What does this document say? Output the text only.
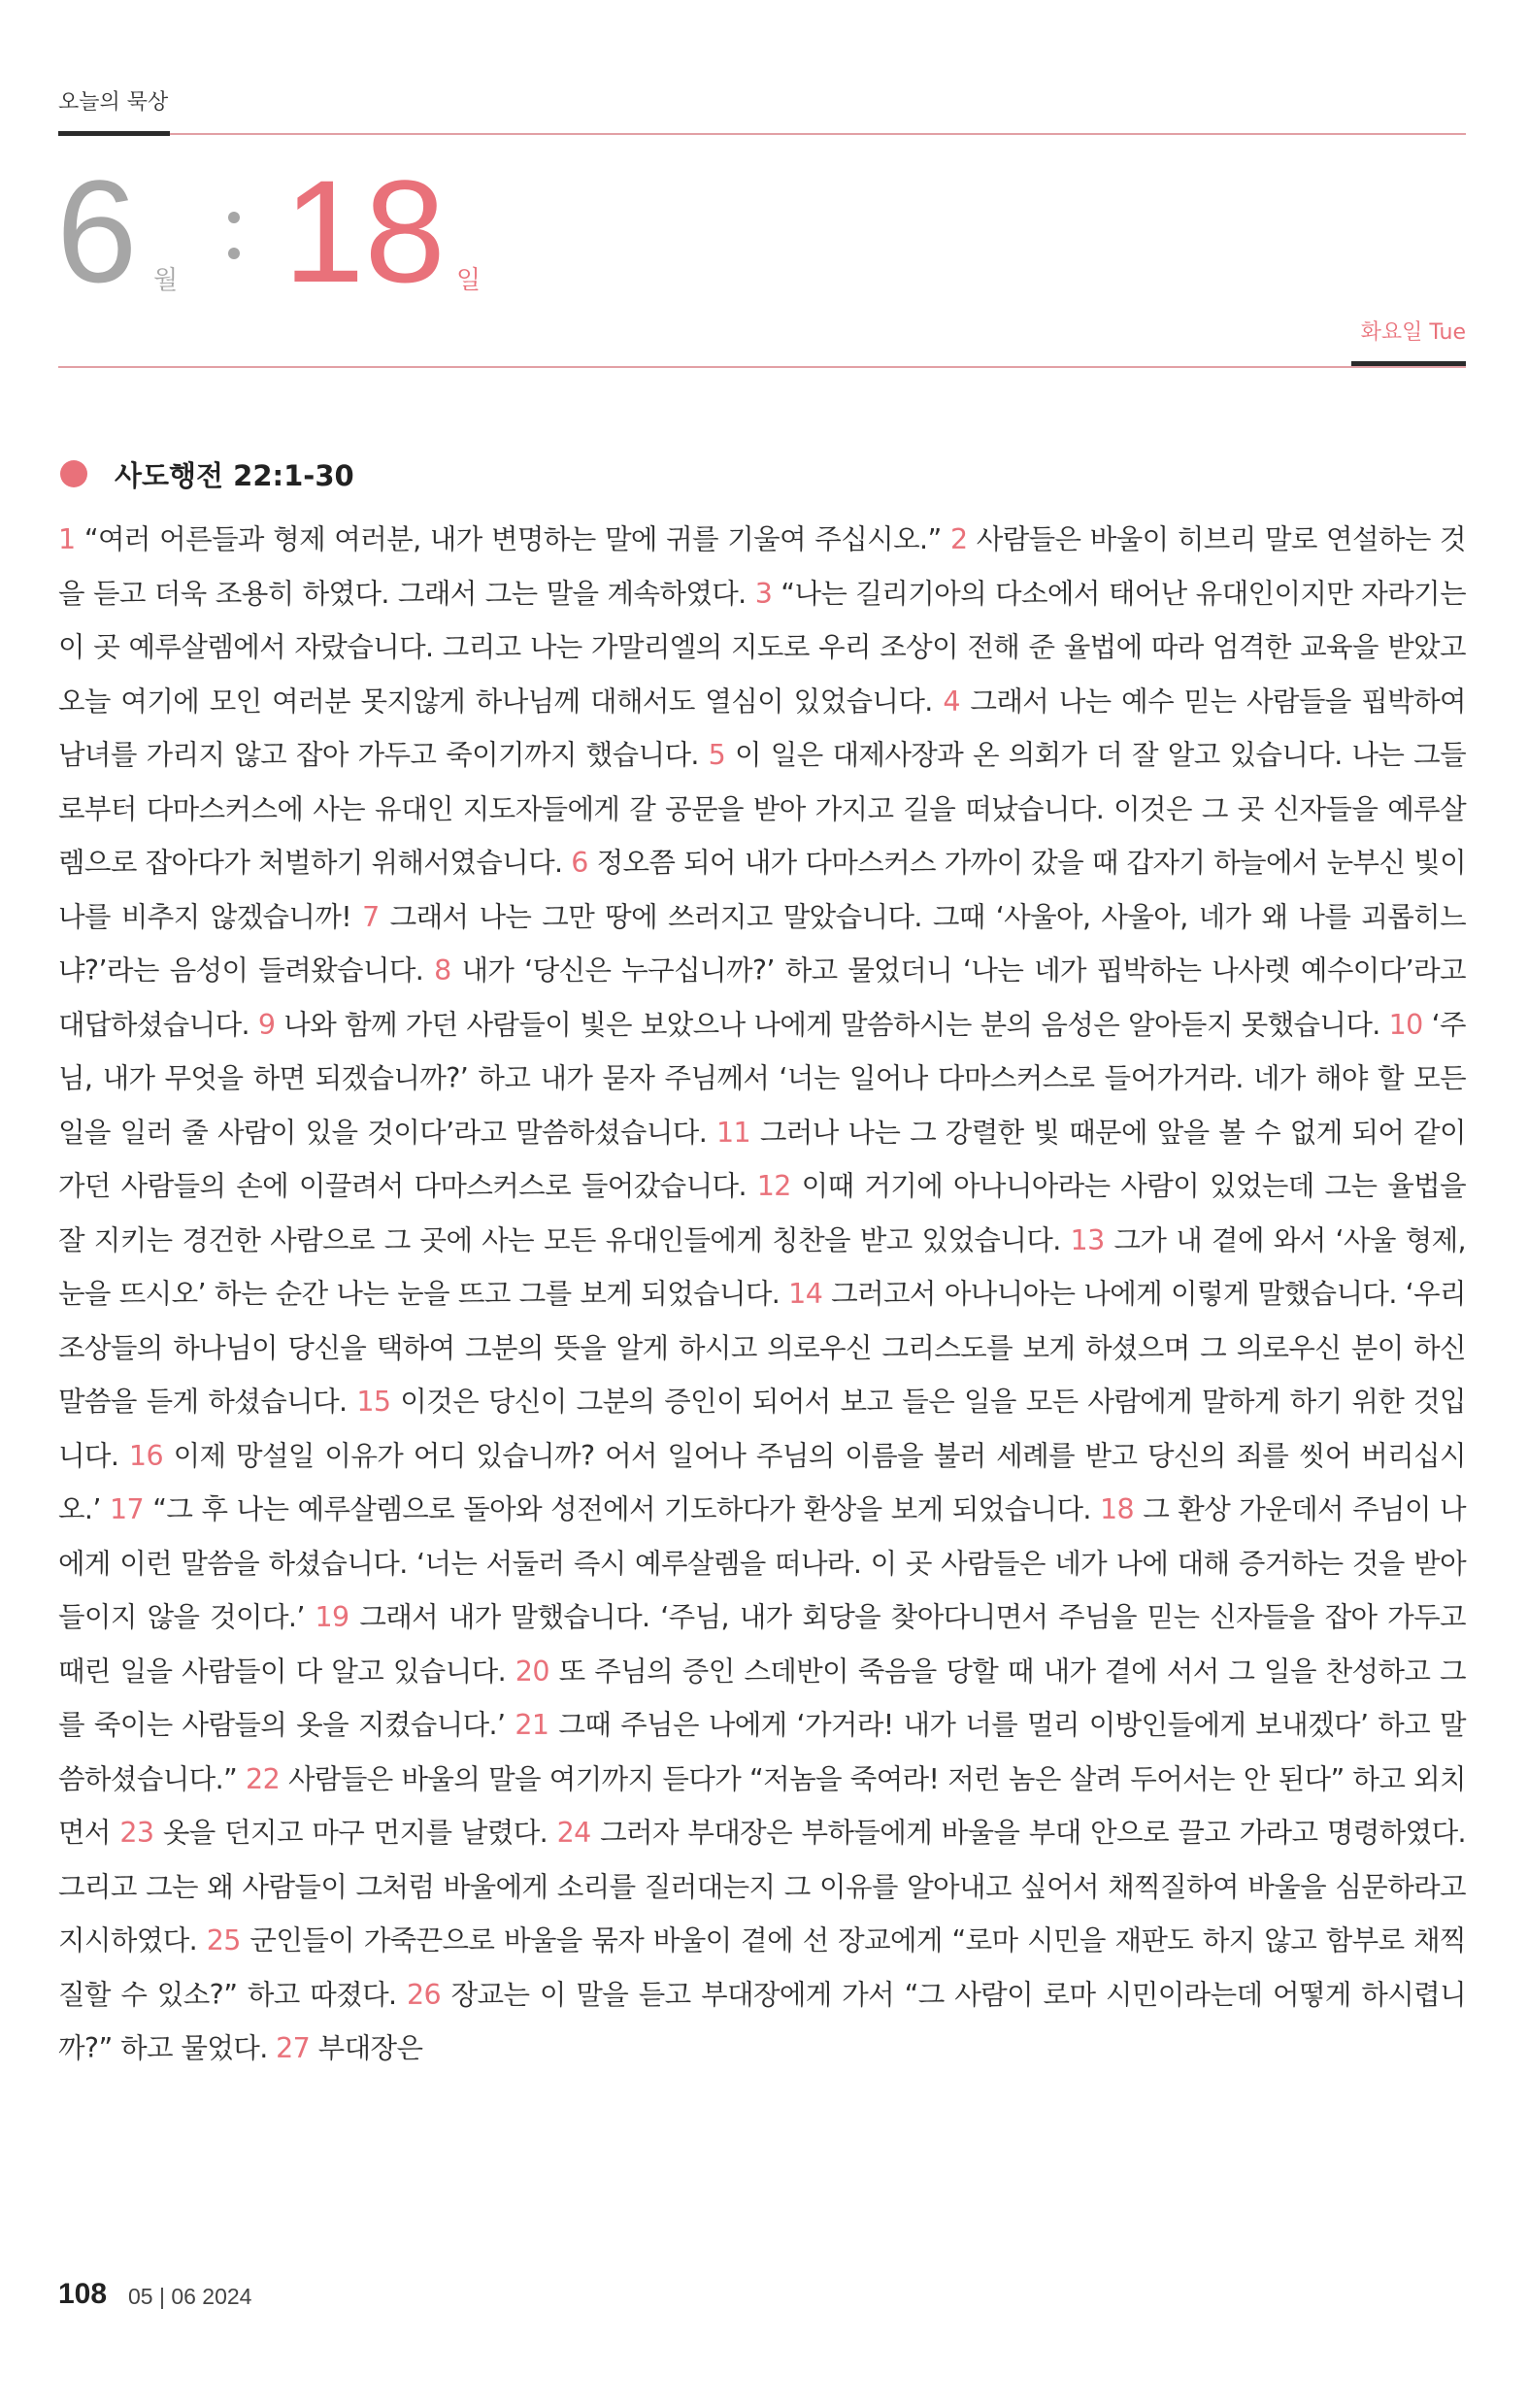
오늘의 묵상
6 월 18 일
화요일 Tue
사도행전 22:1-30

1 “여러 어른들과 형제 여러분, 내가 변명하는 말에 귀를 기울여 주십시오.” 2 사람들은 바울이 히브리 말로 연설하는 것을 듣고 더욱 조용히 하였다. 그래서 그는 말을 계속하였다. 3 “나는 길리기아의 다소에서 태어난 유대인이지만 자라기는 이 곳 예루살렘에서 자랐습니다. 그리고 나는 가말리엘의 지도로 우리 조상이 전해 준 율법에 따라 엄격한 교육을 받았고 오늘 여기에 모인 여러분 못지않게 하나님께 대해서도 열심이 있었습니다. 4 그래서 나는 예수 믿는 사람들을 핍박하여 남녀를 가리지 않고 잡아 가두고 죽이기까지 했습니다. 5 이 일은 대제사장과 온 의회가 더 잘 알고 있습니다. 나는 그들로부터 다마스커스에 사는 유대인 지도자들에게 갈 공문을 받아 가지고 길을 떠났습니다. 이것은 그 곳 신자들을 예루살렘으로 잡아다가 처벌하기 위해서였습니다. 6 정오쯤 되어 내가 다마스커스 가까이 갔을 때 갑자기 하늘에서 눈부신 빛이 나를 비추지 않겠습니까! 7 그래서 나는 그만 땅에 쓰러지고 말았습니다. 그때 ‘사울아, 사울아, 네가 왜 나를 괴롭히느냐?’라는 음성이 들려왔습니다. 8 내가 ‘당신은 누구십니까?’ 하고 물었더니 ‘나는 네가 핍박하는 나사렛 예수이다’라고 대답하셨습니다. 9 나와 함께 가던 사람들이 빛은 보았으나 나에게 말씀하시는 분의 음성은 알아듣지 못했습니다. 10 ‘주님, 내가 무엇을 하면 되겠습니까?’ 하고 내가 묻자 주님께서 ‘너는 일어나 다마스커스로 들어가거라. 네가 해야 할 모든 일을 일러 줄 사람이 있을 것이다’라고 말씀하셨습니다. 11 그러나 나는 그 강렬한 빛 때문에 앞을 볼 수 없게 되어 같이 가던 사람들의 손에 이끌려서 다마스커스로 들어갔습니다. 12 이때 거기에 아나니아라는 사람이 있었는데 그는 율법을 잘 지키는 경건한 사람으로 그 곳에 사는 모든 유대인들에게 칭찬을 받고 있었습니다. 13 그가 내 곁에 와서 ‘사울 형제, 눈을 뜨시오’ 하는 순간 나는 눈을 뜨고 그를 보게 되었습니다. 14 그러고서 아나니아는 나에게 이렇게 말했습니다. ‘우리 조상들의 하나님이 당신을 택하여 그분의 뜻을 알게 하시고 의로우신 그리스도를 보게 하셨으며 그 의로우신 분이 하신 말씀을 듣게 하셨습니다. 15 이것은 당신이 그분의 증인이 되어서 보고 들은 일을 모든 사람에게 말하게 하기 위한 것입니다. 16 이제 망설일 이유가 어디 있습니까? 어서 일어나 주님의 이름을 불러 세례를 받고 당신의 죄를 씻어 버리십시오.’ 17 “그 후 나는 예루살렘으로 돌아와 성전에서 기도하다가 환상을 보게 되었습니다. 18 그 환상 가운데서 주님이 나에게 이런 말씀을 하셨습니다. ‘너는 서둘러 즉시 예루살렘을 떠나라. 이 곳 사람들은 네가 나에 대해 증거하는 것을 받아들이지 않을 것이다.’ 19 그래서 내가 말했습니다. ‘주님, 내가 회당을 찾아다니면서 주님을 믿는 신자들을 잡아 가두고 때린 일을 사람들이 다 알고 있습니다. 20 또 주님의 증인 스데반이 죽음을 당할 때 내가 곁에 서서 그 일을 찬성하고 그를 죽이는 사람들의 옷을 지켰습니다.’ 21 그때 주님은 나에게 ‘가거라! 내가 너를 멀리 이방인들에게 보내겠다’ 하고 말씀하셨습니다.” 22 사람들은 바울의 말을 여기까지 듣다가 “저놈을 죽여라! 저런 놈은 살려 두어서는 안 된다” 하고 외치면서 23 옷을 던지고 마구 먼지를 날렸다. 24 그러자 부대장은 부하들에게 바울을 부대 안으로 끌고 가라고 명령하였다. 그리고 그는 왜 사람들이 그처럼 바울에게 소리를 질러대는지 그 이유를 알아내고 싶어서 채찍질하여 바울을 심문하라고 지시하였다. 25 군인들이 가죽끈으로 바울을 묶자 바울이 곁에 선 장교에게 “로마 시민을 재판도 하지 않고 함부로 채찍질할 수 있소?” 하고 따졌다. 26 장교는 이 말을 듣고 부대장에게 가서 “그 사람이 로마 시민이라는데 어떻게 하시렵니까?” 하고 물었다. 27 부대장은

108 05 | 06 2024
